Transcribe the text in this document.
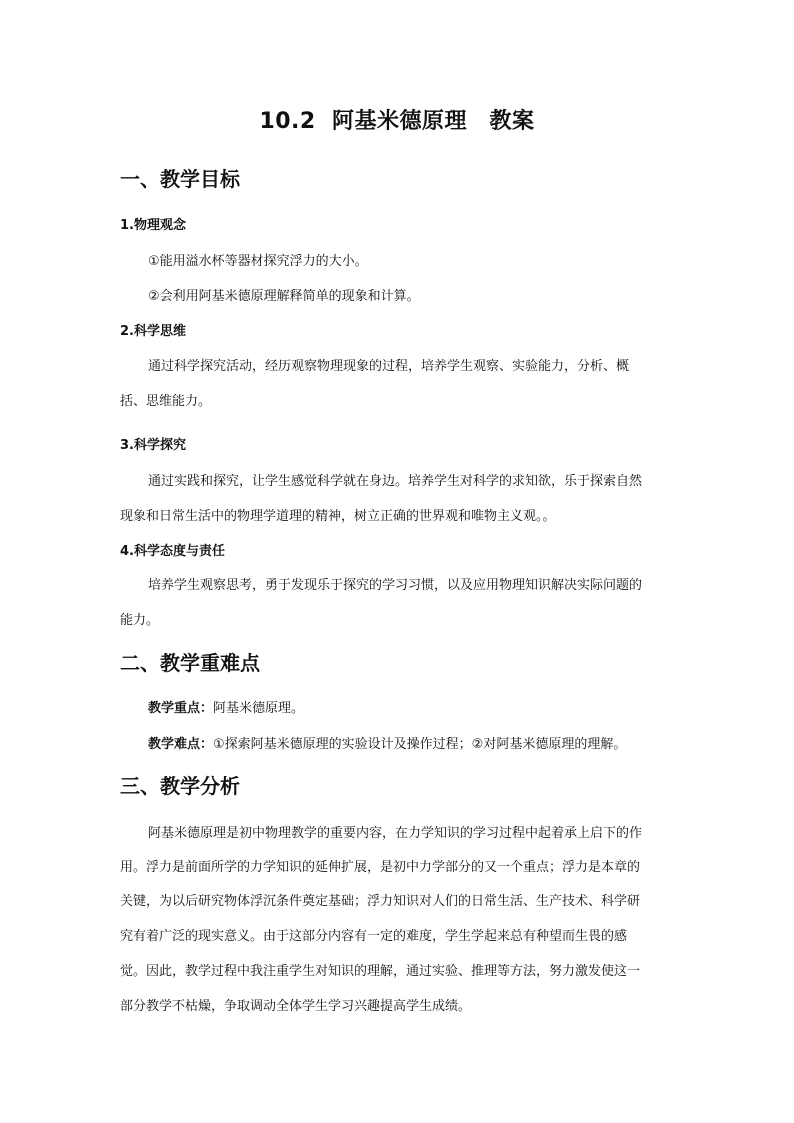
10.2  阿基米德原理　教案
一、教学目标
1.物理观念
①能用溢水杯等器材探究浮力的大小。
②会利用阿基米德原理解释简单的现象和计算。
2.科学思维
通过科学探究活动，经历观察物理现象的过程，培养学生观察、实验能力，分析、概
括、思维能力。
3.科学探究
通过实践和探究，让学生感觉科学就在身边。培养学生对科学的求知欲，乐于探索自然
现象和日常生活中的物理学道理的精神，树立正确的世界观和唯物主义观。。
4.科学态度与责任
培养学生观察思考，勇于发现乐于探究的学习习惯，以及应用物理知识解决实际问题的
能力。
二、教学重难点
教学重点：阿基米德原理。
教学难点：①探索阿基米德原理的实验设计及操作过程；②对阿基米德原理的理解。
三、教学分析
阿基米德原理是初中物理教学的重要内容，在力学知识的学习过程中起着承上启下的作
用。浮力是前面所学的力学知识的延伸扩展，是初中力学部分的又一个重点；浮力是本章的
关键，为以后研究物体浮沉条件奠定基础；浮力知识对人们的日常生活、生产技术、科学研
究有着广泛的现实意义。由于这部分内容有一定的难度，学生学起来总有种望而生畏的感
觉。因此，教学过程中我注重学生对知识的理解，通过实验、推理等方法，努力激发使这一
部分教学不枯燥，争取调动全体学生学习兴趣提高学生成绩。
